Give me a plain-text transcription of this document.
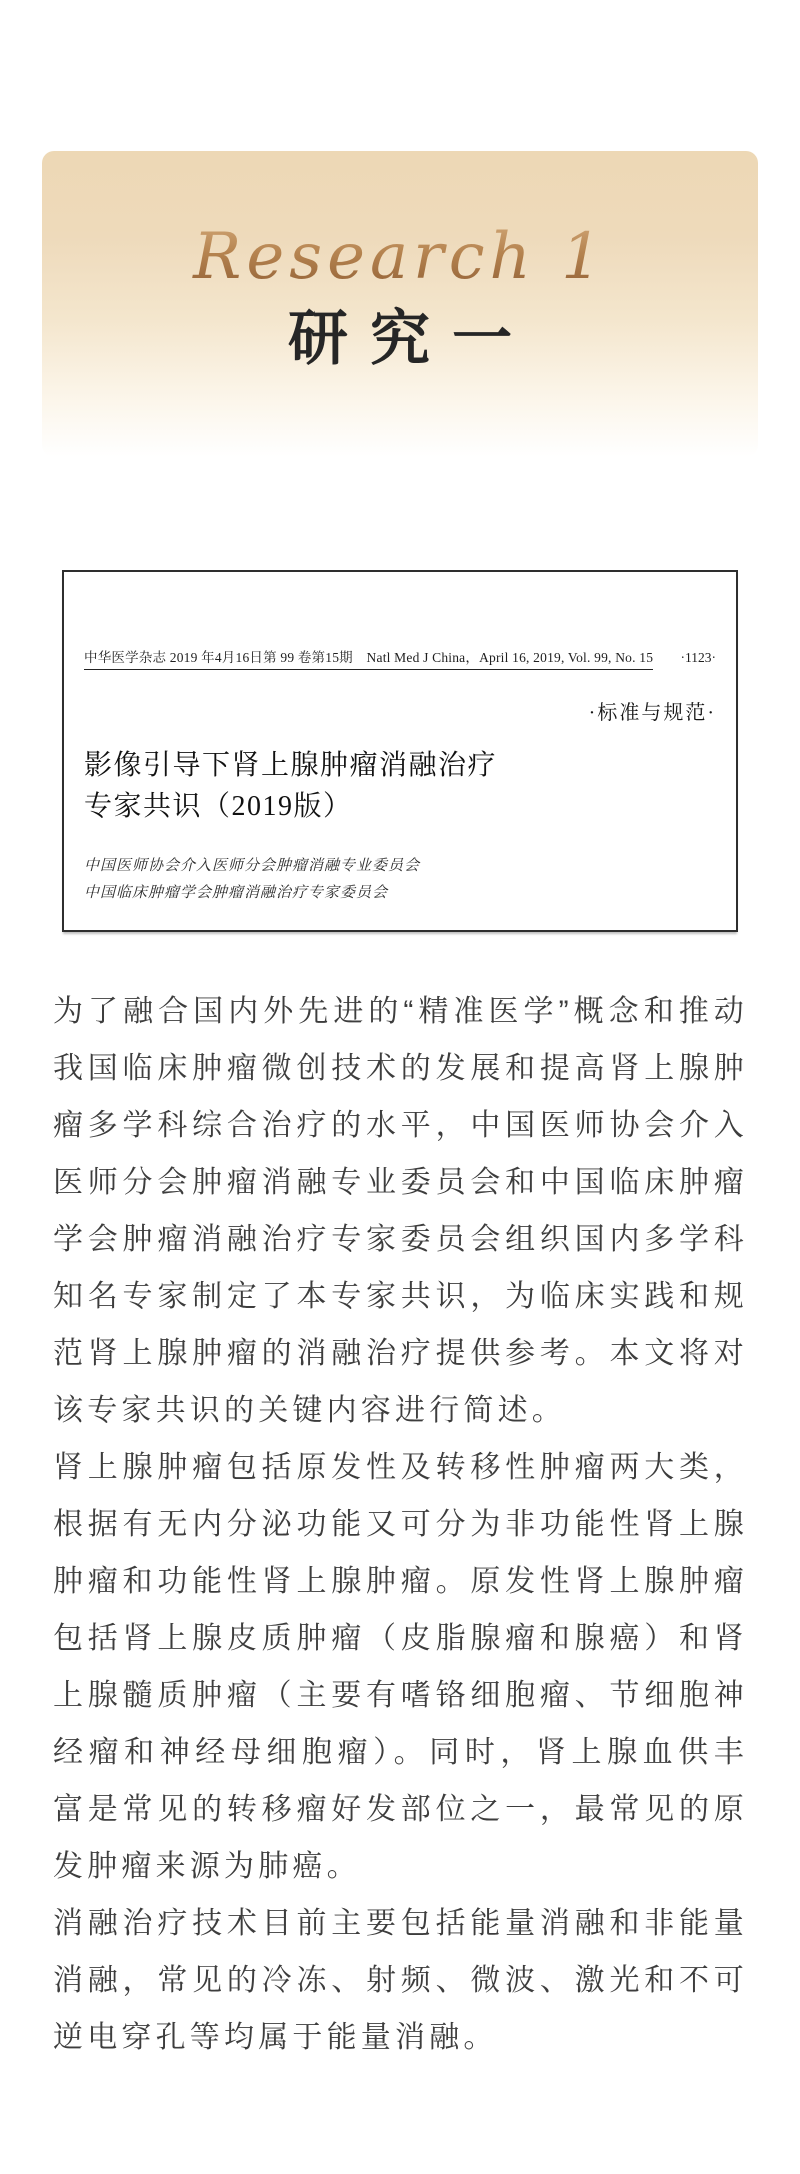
Research 1
研究一
中华医学杂志 2019 年4月16日第 99 卷第15期　Natl Med J China，April 16, 2019, Vol. 99, No. 15 ·1123·
·标准与规范·
影像引导下肾上腺肿瘤消融治疗
专家共识（2019版）
中国医师协会介入医师分会肿瘤消融专业委员会
中国临床肿瘤学会肿瘤消融治疗专家委员会

为了融合国内外先进的“精准医学”概念和推动我国临床肿瘤微创技术的发展和提高肾上腺肿瘤多学科综合治疗的水平，中国医师协会介入医师分会肿瘤消融专业委员会和中国临床肿瘤学会肿瘤消融治疗专家委员会组织国内多学科知名专家制定了本专家共识，为临床实践和规范肾上腺肿瘤的消融治疗提供参考。本文将对该专家共识的关键内容进行简述。

肾上腺肿瘤包括原发性及转移性肿瘤两大类，根据有无内分泌功能又可分为非功能性肾上腺肿瘤和功能性肾上腺肿瘤。原发性肾上腺肿瘤包括肾上腺皮质肿瘤（皮脂腺瘤和腺癌）和肾上腺髓质肿瘤（主要有嗜铬细胞瘤、节细胞神经瘤和神经母细胞瘤）。同时，肾上腺血供丰富是常见的转移瘤好发部位之一，最常见的原发肿瘤来源为肺癌。

消融治疗技术目前主要包括能量消融和非能量消融，常见的冷冻、射频、微波、激光和不可逆电穿孔等均属于能量消融。
